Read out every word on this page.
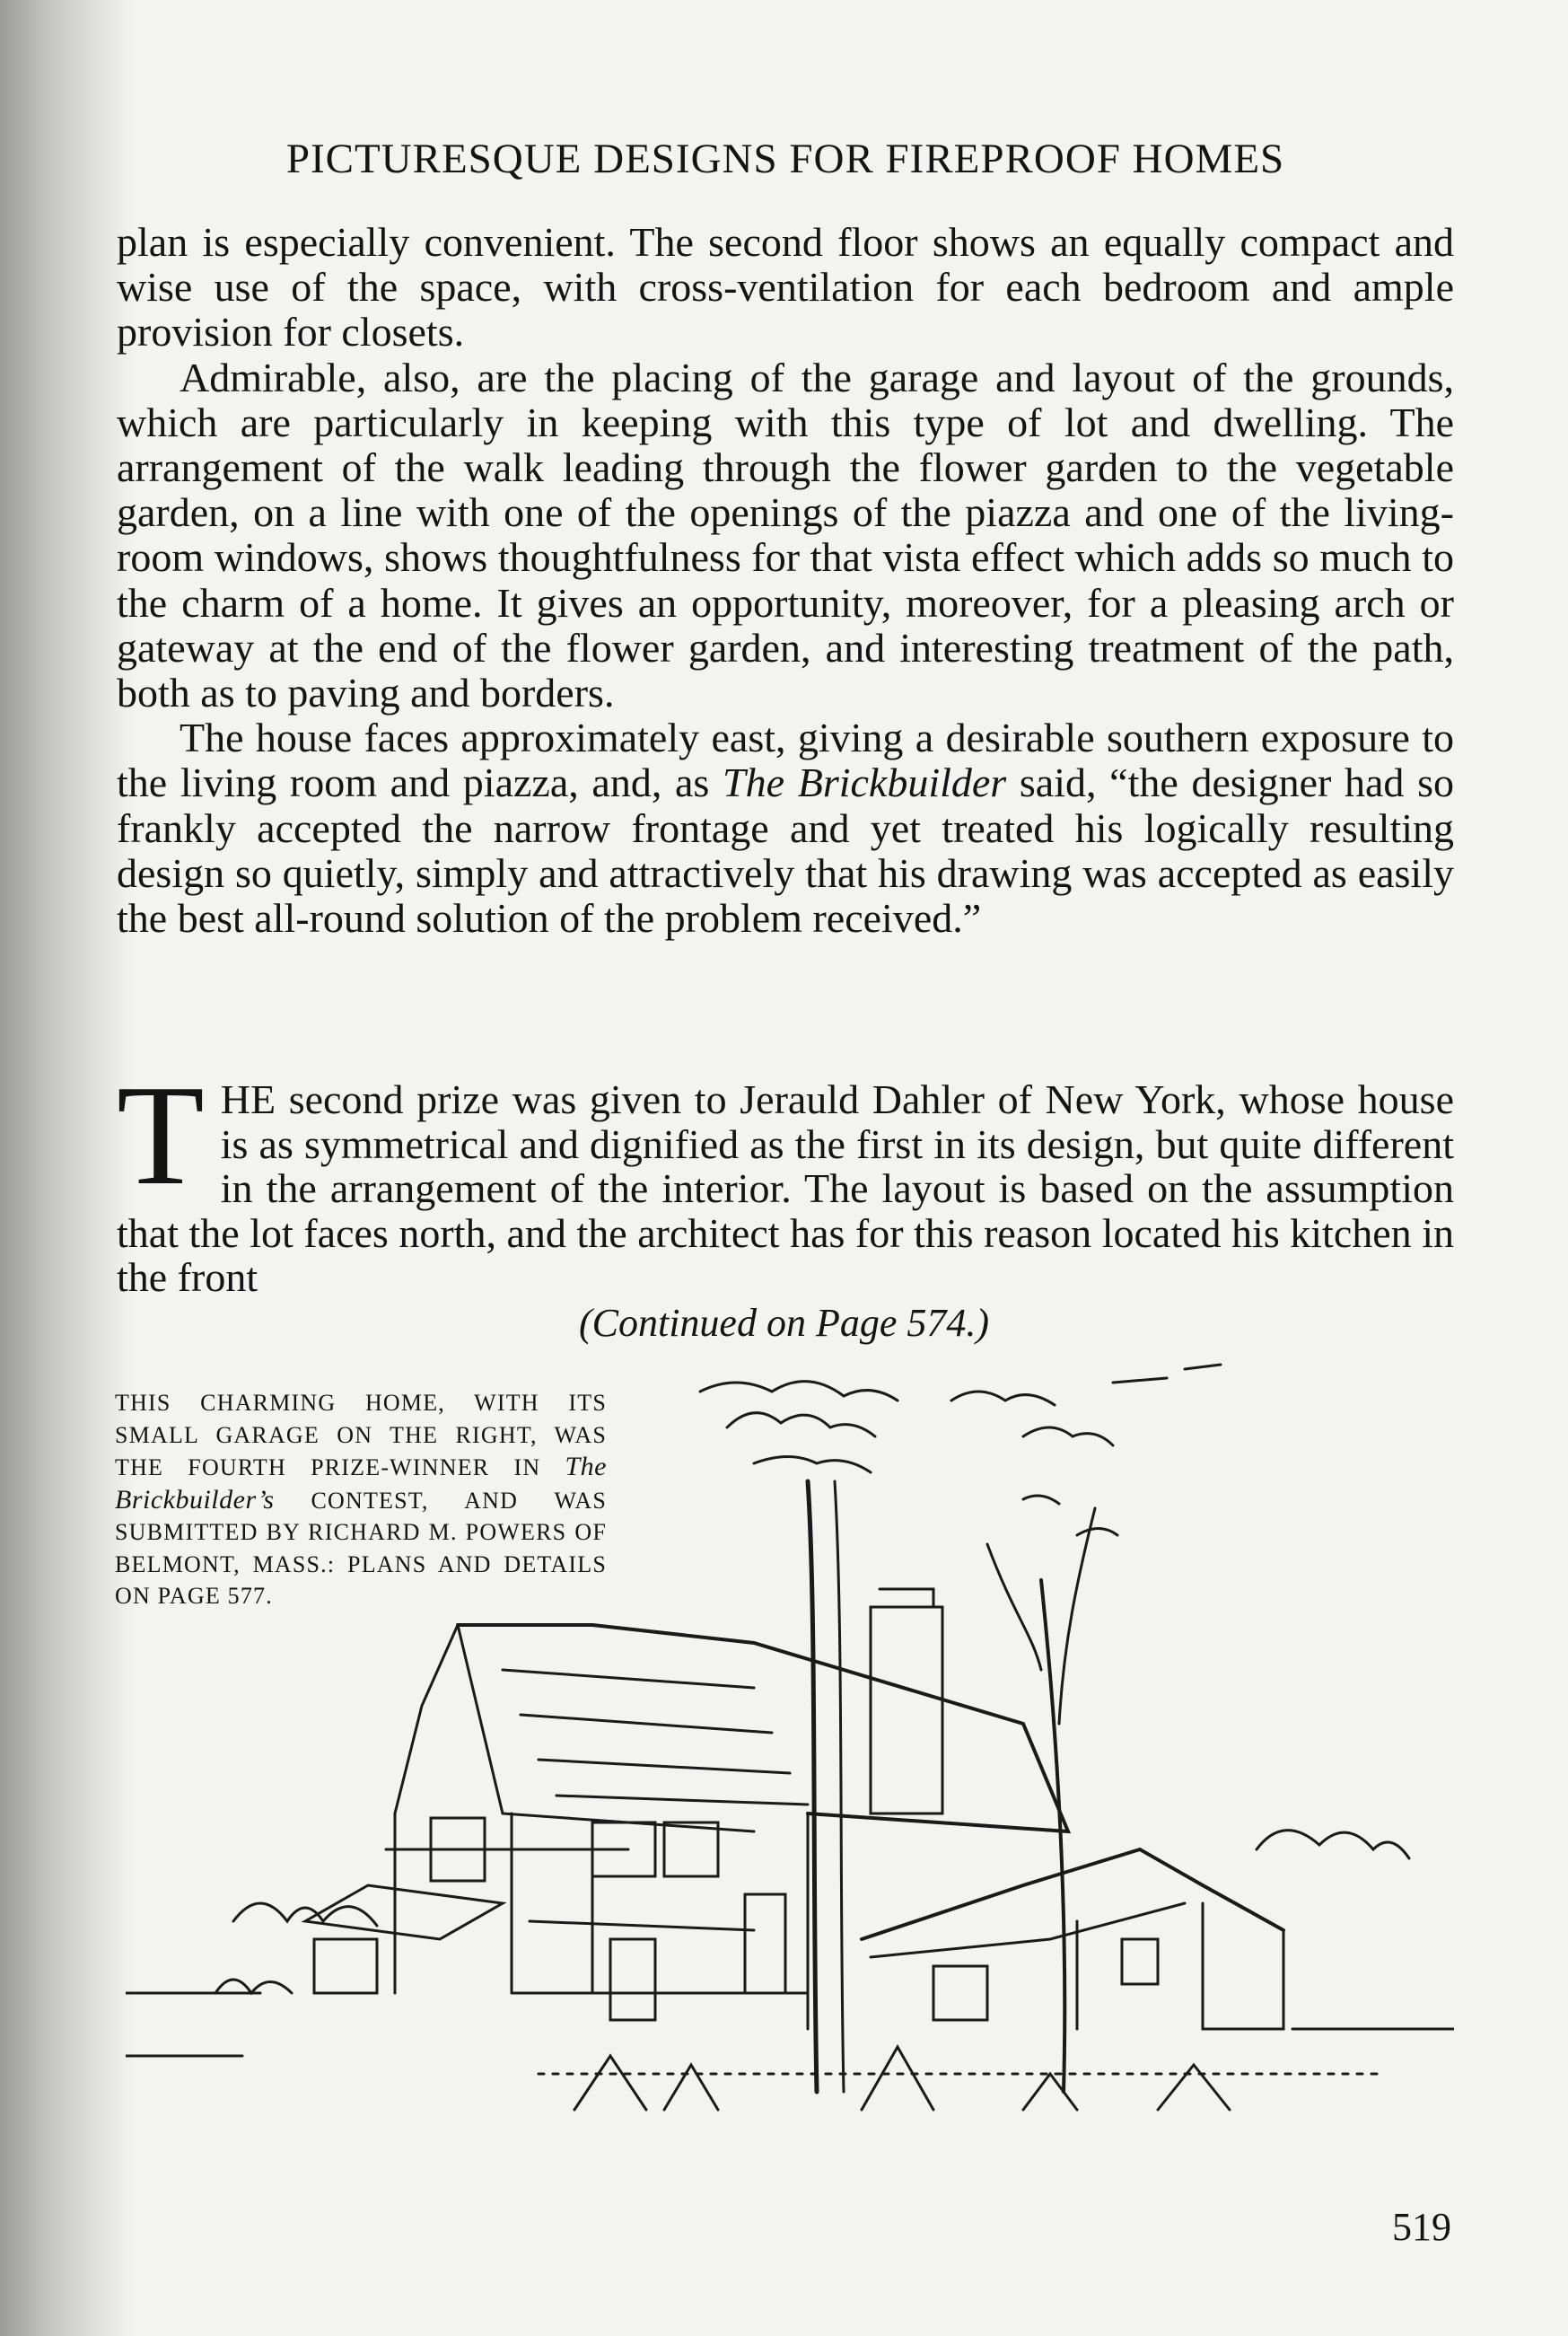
PICTURESQUE DESIGNS FOR FIREPROOF HOMES

plan is especially convenient. The second floor shows an equally compact and wise use of the space, with cross-ventilation for each bedroom and ample provision for closets.

Admirable, also, are the placing of the garage and layout of the grounds, which are particularly in keeping with this type of lot and dwelling. The arrangement of the walk leading through the flower garden to the vegetable garden, on a line with one of the openings of the piazza and one of the living-room windows, shows thoughtfulness for that vista effect which adds so much to the charm of a home. It gives an opportunity, moreover, for a pleasing arch or gateway at the end of the flower garden, and interesting treatment of the path, both as to paving and borders.

The house faces approximately east, giving a desirable southern exposure to the living room and piazza, and, as The Brickbuilder said, “the designer had so frankly accepted the narrow frontage and yet treated his logically resulting design so quietly, simply and attractively that his drawing was accepted as easily the best all-round solution of the problem received.”

THE second prize was given to Jerauld Dahler of New York, whose house is as symmetrical and dignified as the first in its design, but quite different in the arrangement of the interior. The layout is based on the assumption that the lot faces north, and the architect has for this reason located his kitchen in the front
(Continued on Page 574.)
THIS CHARMING HOME, WITH ITS SMALL GARAGE ON THE RIGHT, WAS THE FOURTH PRIZE-WINNER IN The Brickbuilder’s CONTEST, AND WAS SUBMITTED BY RICHARD M. POWERS OF BELMONT, MASS.: PLANS AND DETAILS ON PAGE 577.
519
